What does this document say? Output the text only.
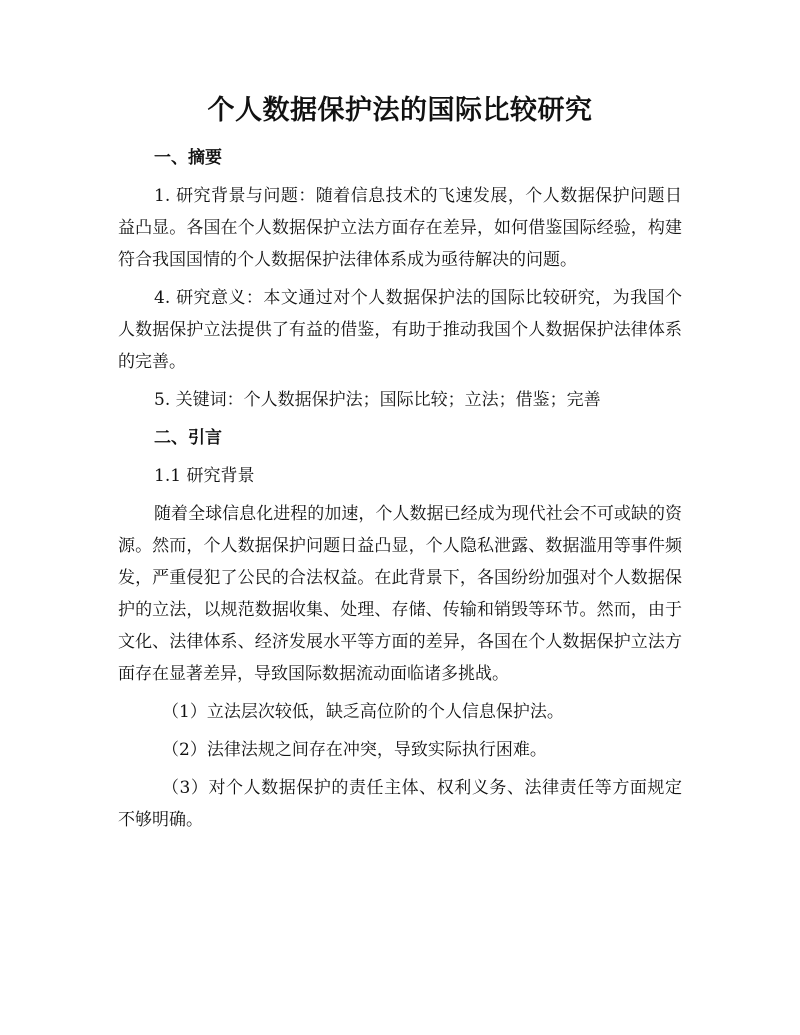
个人数据保护法的国际比较研究
一、摘要

1. 研究背景与问题：随着信息技术的飞速发展，个人数据保护问题日益凸显。各国在个人数据保护立法方面存在差异，如何借鉴国际经验，构建符合我国国情的个人数据保护法律体系成为亟待解决的问题。

4. 研究意义：本文通过对个人数据保护法的国际比较研究，为我国个人数据保护立法提供了有益的借鉴，有助于推动我国个人数据保护法律体系的完善。

5. 关键词：个人数据保护法；国际比较；立法；借鉴；完善

二、引言
1.1 研究背景

随着全球信息化进程的加速，个人数据已经成为现代社会不可或缺的资源。然而，个人数据保护问题日益凸显，个人隐私泄露、数据滥用等事件频发，严重侵犯了公民的合法权益。在此背景下，各国纷纷加强对个人数据保护的立法，以规范数据收集、处理、存储、传输和销毁等环节。然而，由于文化、法律体系、经济发展水平等方面的差异，各国在个人数据保护立法方面存在显著差异，导致国际数据流动面临诸多挑战。

（1）立法层次较低，缺乏高位阶的个人信息保护法。

（2）法律法规之间存在冲突，导致实际执行困难。

（3）对个人数据保护的责任主体、权利义务、法律责任等方面规定不够明确。
